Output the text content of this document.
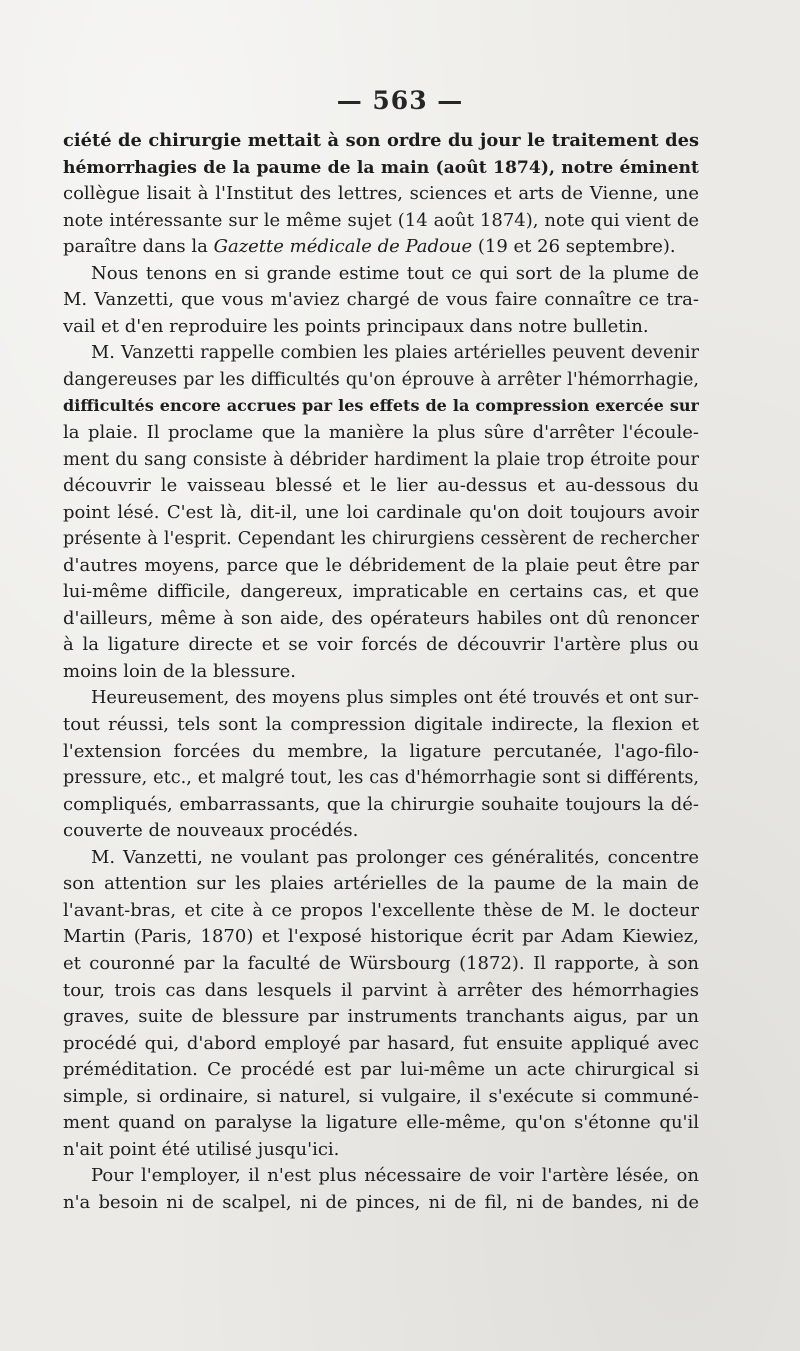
— 563 —
ciété de chirurgie mettait à son ordre du jour le traitement des
hémorrhagies de la paume de la main (août 1874), notre éminent
collègue lisait à l'Institut des lettres, sciences et arts de Vienne, une
note intéressante sur le même sujet (14 août 1874), note qui vient de
paraître dans la Gazette médicale de Padoue (19 et 26 septembre).
Nous tenons en si grande estime tout ce qui sort de la plume de
M. Vanzetti, que vous m'aviez chargé de vous faire connaître ce tra-
vail et d'en reproduire les points principaux dans notre bulletin.
M. Vanzetti rappelle combien les plaies artérielles peuvent devenir
dangereuses par les difficultés qu'on éprouve à arrêter l'hémorrhagie,
difficultés encore accrues par les effets de la compression exercée sur
la plaie. Il proclame que la manière la plus sûre d'arrêter l'écoule-
ment du sang consiste à débrider hardiment la plaie trop étroite pour
découvrir le vaisseau blessé et le lier au-dessus et au-dessous du
point lésé. C'est là, dit-il, une loi cardinale qu'on doit toujours avoir
présente à l'esprit. Cependant les chirurgiens cessèrent de rechercher
d'autres moyens, parce que le débridement de la plaie peut être par
lui-même difficile, dangereux, impraticable en certains cas, et que
d'ailleurs, même à son aide, des opérateurs habiles ont dû renoncer
à la ligature directe et se voir forcés de découvrir l'artère plus ou
moins loin de la blessure.
Heureusement, des moyens plus simples ont été trouvés et ont sur-
tout réussi, tels sont la compression digitale indirecte, la flexion et
l'extension forcées du membre, la ligature percutanée, l'ago-filo-
pressure, etc., et malgré tout, les cas d'hémorrhagie sont si différents,
compliqués, embarrassants, que la chirurgie souhaite toujours la dé-
couverte de nouveaux procédés.
M. Vanzetti, ne voulant pas prolonger ces généralités, concentre
son attention sur les plaies artérielles de la paume de la main de
l'avant-bras, et cite à ce propos l'excellente thèse de M. le docteur
Martin (Paris, 1870) et l'exposé historique écrit par Adam Kiewiez,
et couronné par la faculté de Würsbourg (1872). Il rapporte, à son
tour, trois cas dans lesquels il parvint à arrêter des hémorrhagies
graves, suite de blessure par instruments tranchants aigus, par un
procédé qui, d'abord employé par hasard, fut ensuite appliqué avec
préméditation. Ce procédé est par lui-même un acte chirurgical si
simple, si ordinaire, si naturel, si vulgaire, il s'exécute si communé-
ment quand on paralyse la ligature elle-même, qu'on s'étonne qu'il
n'ait point été utilisé jusqu'ici.
Pour l'employer, il n'est plus nécessaire de voir l'artère lésée, on
n'a besoin ni de scalpel, ni de pinces, ni de fil, ni de bandes, ni de
